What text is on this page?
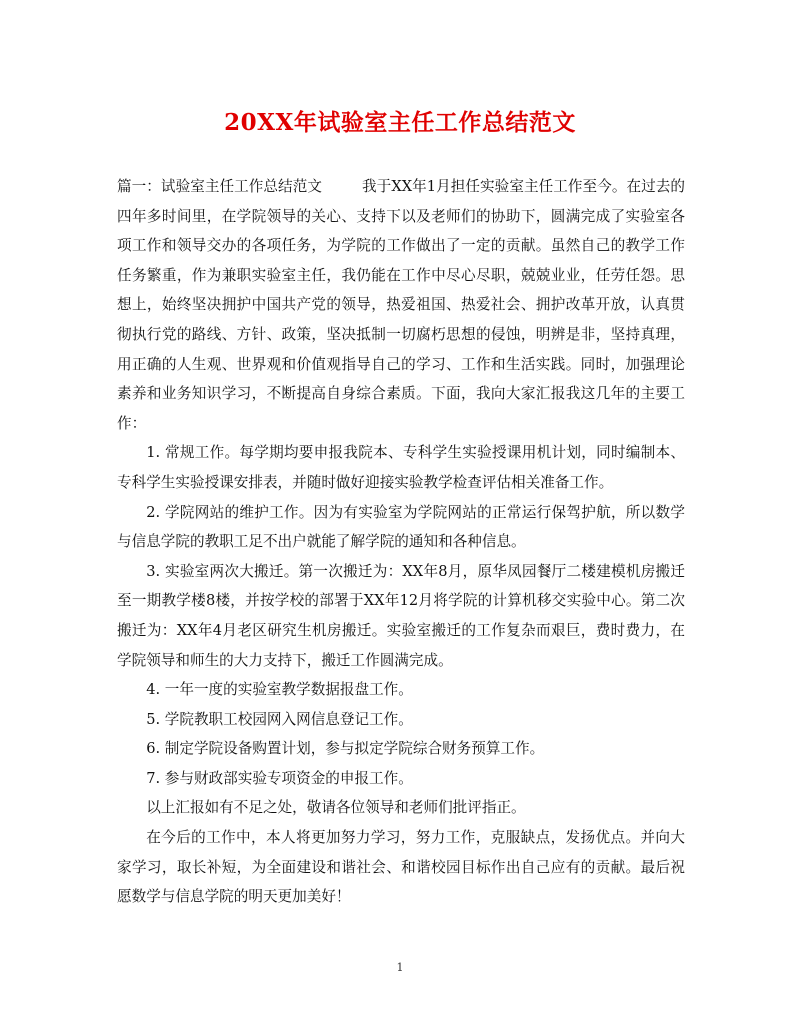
20XX年试验室主任工作总结范文

篇一：试验室主任工作总结范文	我于XX年1月担任实验室主任工作至今。在过去的四年多时间里，在学院领导的关心、支持下以及老师们的协助下，圆满完成了实验室各项工作和领导交办的各项任务，为学院的工作做出了一定的贡献。虽然自己的教学工作任务繁重，作为兼职实验室主任，我仍能在工作中尽心尽职，兢兢业业，任劳任怨。思想上，始终坚决拥护中国共产党的领导，热爱祖国、热爱社会、拥护改革开放，认真贯彻执行党的路线、方针、政策，坚决抵制一切腐朽思想的侵蚀，明辨是非，坚持真理，用正确的人生观、世界观和价值观指导自己的学习、工作和生活实践。同时，加强理论素养和业务知识学习，不断提高自身综合素质。下面，我向大家汇报我这几年的主要工作：

1. 常规工作。每学期均要申报我院本、专科学生实验授课用机计划，同时编制本、专科学生实验授课安排表，并随时做好迎接实验教学检查评估相关准备工作。

2. 学院网站的维护工作。因为有实验室为学院网站的正常运行保驾护航，所以数学与信息学院的教职工足不出户就能了解学院的通知和各种信息。

3. 实验室两次大搬迁。第一次搬迁为：XX年8月，原华凤园餐厅二楼建模机房搬迁至一期教学楼8楼，并按学校的部署于XX年12月将学院的计算机移交实验中心。第二次搬迁为：XX年4月老区研究生机房搬迁。实验室搬迁的工作复杂而艰巨，费时费力，在学院领导和师生的大力支持下，搬迁工作圆满完成。

4. 一年一度的实验室教学数据报盘工作。

5. 学院教职工校园网入网信息登记工作。

6. 制定学院设备购置计划，参与拟定学院综合财务预算工作。

7. 参与财政部实验专项资金的申报工作。

以上汇报如有不足之处，敬请各位领导和老师们批评指正。

在今后的工作中，本人将更加努力学习，努力工作，克服缺点，发扬优点。并向大家学习，取长补短，为全面建设和谐社会、和谐校园目标作出自己应有的贡献。最后祝愿数学与信息学院的明天更加美好！

1
